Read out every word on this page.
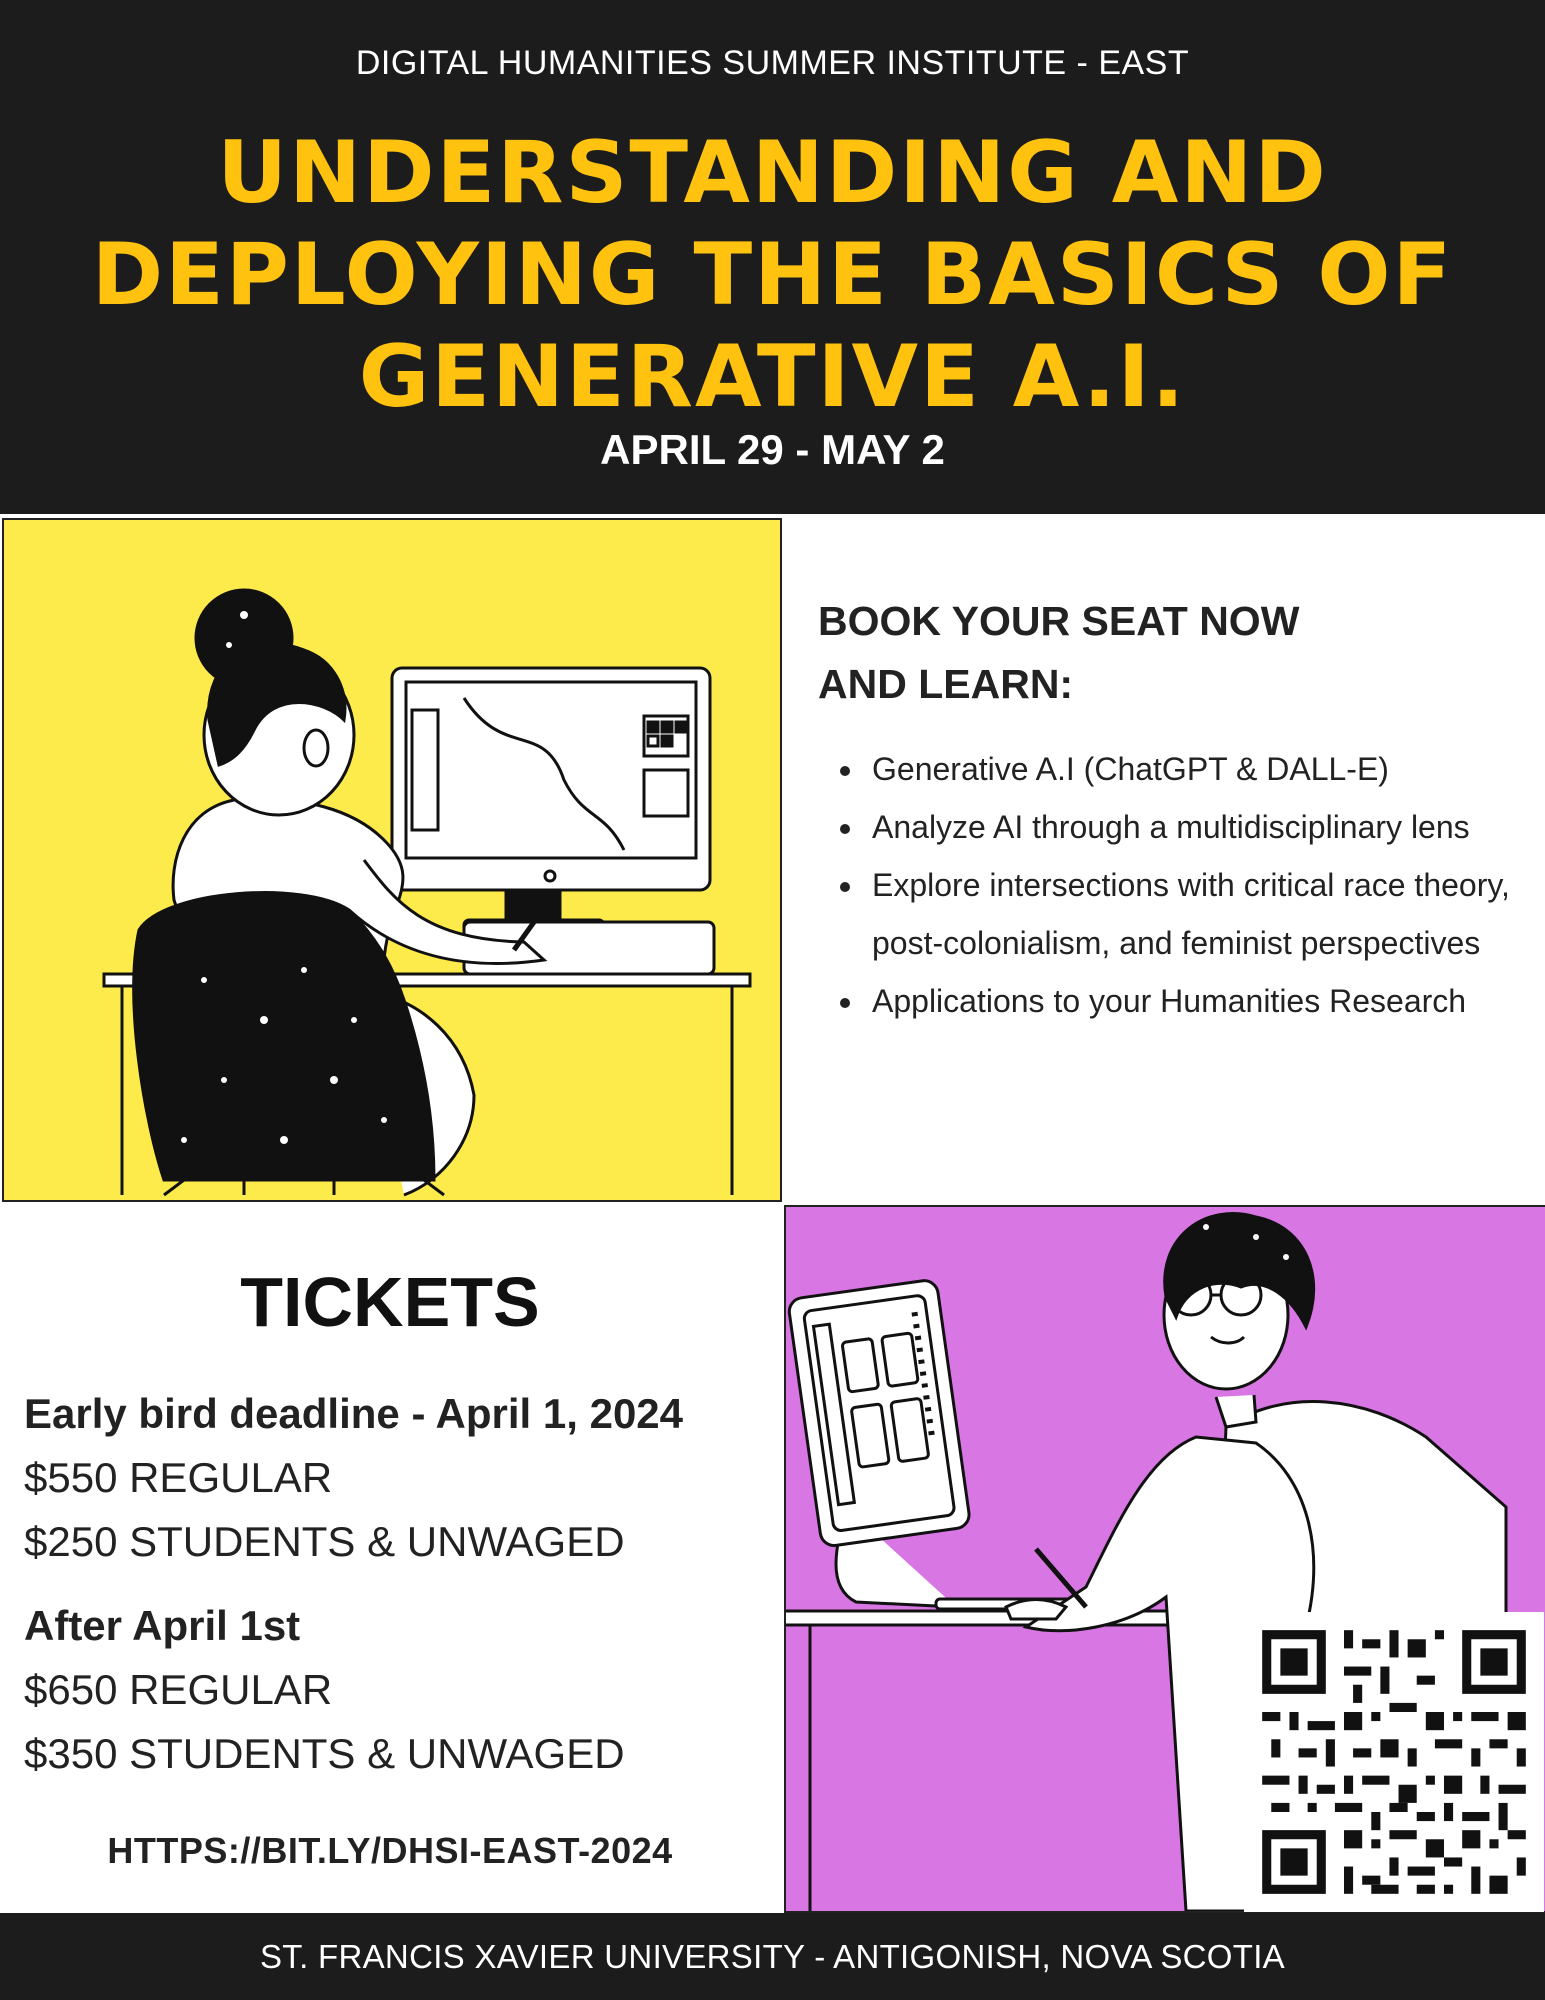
DIGITAL HUMANITIES SUMMER INSTITUTE - EAST
UNDERSTANDING AND
DEPLOYING THE BASICS OF
GENERATIVE A.I.
APRIL 29 - MAY 2
BOOK YOUR SEAT NOW
AND LEARN:
• Generative A.I (ChatGPT & DALL-E)
• Analyze AI through a multidisciplinary lens
• Explore intersections with critical race theory, post-colonialism, and feminist perspectives
• Applications to your Humanities Research
TICKETS
Early bird deadline - April 1, 2024
$550 REGULAR
$250 STUDENTS & UNWAGED
After April 1st
$650 REGULAR
$350 STUDENTS & UNWAGED
HTTPS://BIT.LY/DHSI-EAST-2024
ST. FRANCIS XAVIER UNIVERSITY - ANTIGONISH, NOVA SCOTIA
